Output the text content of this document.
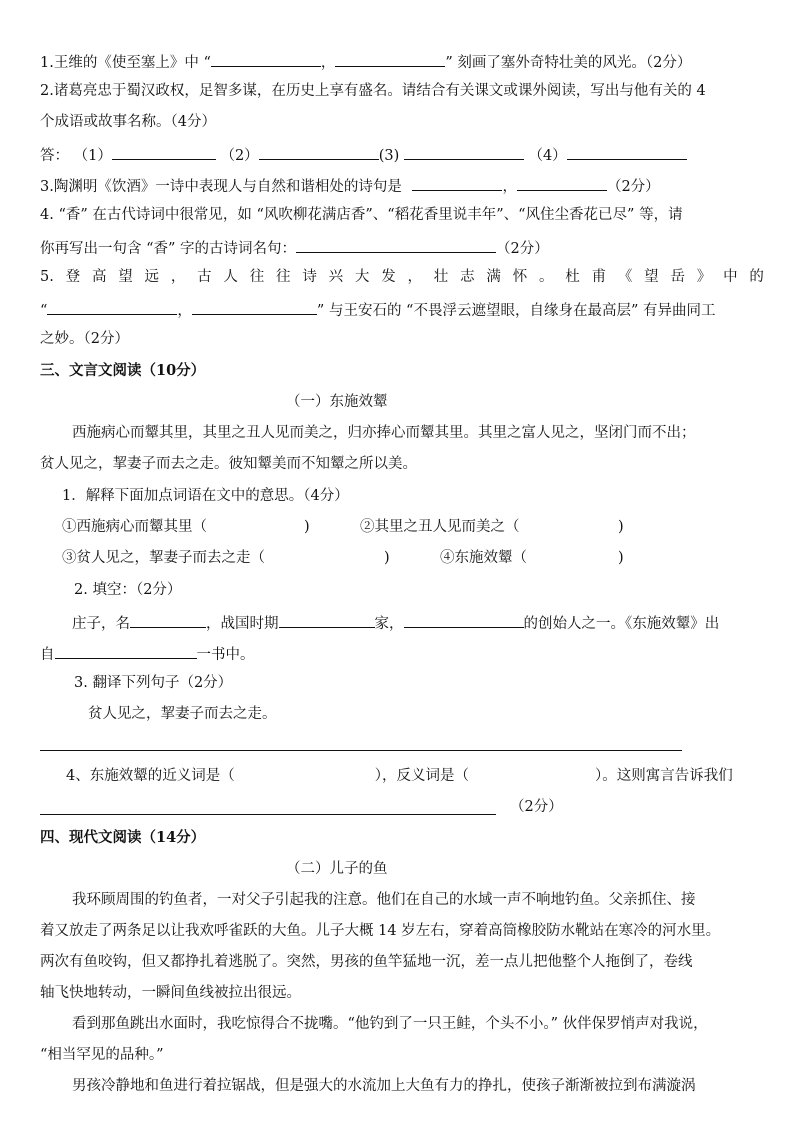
1.王维的《使至塞上》中 “	，	” 刻画了塞外奇特壮美的风光。（2分）
2.诸葛亮忠于蜀汉政权，足智多谋，在历史上享有盛名。请结合有关课文或课外阅读，写出与他有关的 4
个成语或故事名称。（4分）
答： （1）	（2）	(3)	（4）
3.陶渊明《饮酒》一诗中表现人与自然和谐相处的诗句是	，	（2分）
4. “香” 在古代诗词中很常见，如 “风吹柳花满店香”、“稻花香里说丰年”、“风住尘香花已尽” 等，请
你再写出一句含 “香” 字的古诗词名句：	（2分）
5. 登 高 望 远 ， 古 人 往 往 诗 兴 大 发 ， 壮 志 满 怀 。 杜 甫 《 望 岳 》 中 的
“	，	” 与王安石的 “不畏浮云遮望眼，自缘身在最高层” 有异曲同工
之妙。（2分）
三、文言文阅读（10分）
（一）东施效颦
西施病心而颦其里，其里之丑人见而美之，归亦捧心而颦其里。其里之富人见之，坚闭门而不出；
贫人见之，挈妻子而去之走。彼知颦美而不知颦之所以美。
1．解释下面加点词语在文中的意思。（4分）
①西施病心而颦其里（	)	②其里之丑人见而美之（	)
③贫人见之，挈妻子而去之走（	)	④东施效颦（	)
2. 填空：（2分）
庄子，名	，战国时期	家，	的创始人之一。《东施效颦》出
自	一书中。
3. 翻译下列句子（2分）
贫人见之，挈妻子而去之走。
4、东施效颦的近义词是（	），反义词是（	）。这则寓言告诉我们
（2分）
四、现代文阅读（14分）
（二）儿子的鱼
我环顾周围的钓鱼者，一对父子引起我的注意。他们在自己的水域一声不响地钓鱼。父亲抓住、接
着又放走了两条足以让我欢呼雀跃的大鱼。儿子大概 14 岁左右，穿着高筒橡胶防水靴站在寒冷的河水里。
两次有鱼咬钩，但又都挣扎着逃脱了。突然，男孩的鱼竿猛地一沉，差一点儿把他整个人拖倒了，卷线
轴飞快地转动，一瞬间鱼线被拉出很远。
看到那鱼跳出水面时，我吃惊得合不拢嘴。“他钓到了一只王鲑，个头不小。” 伙伴保罗悄声对我说，
“相当罕见的品种。”
男孩冷静地和鱼进行着拉锯战，但是强大的水流加上大鱼有力的挣扎，使孩子渐渐被拉到布满漩涡
